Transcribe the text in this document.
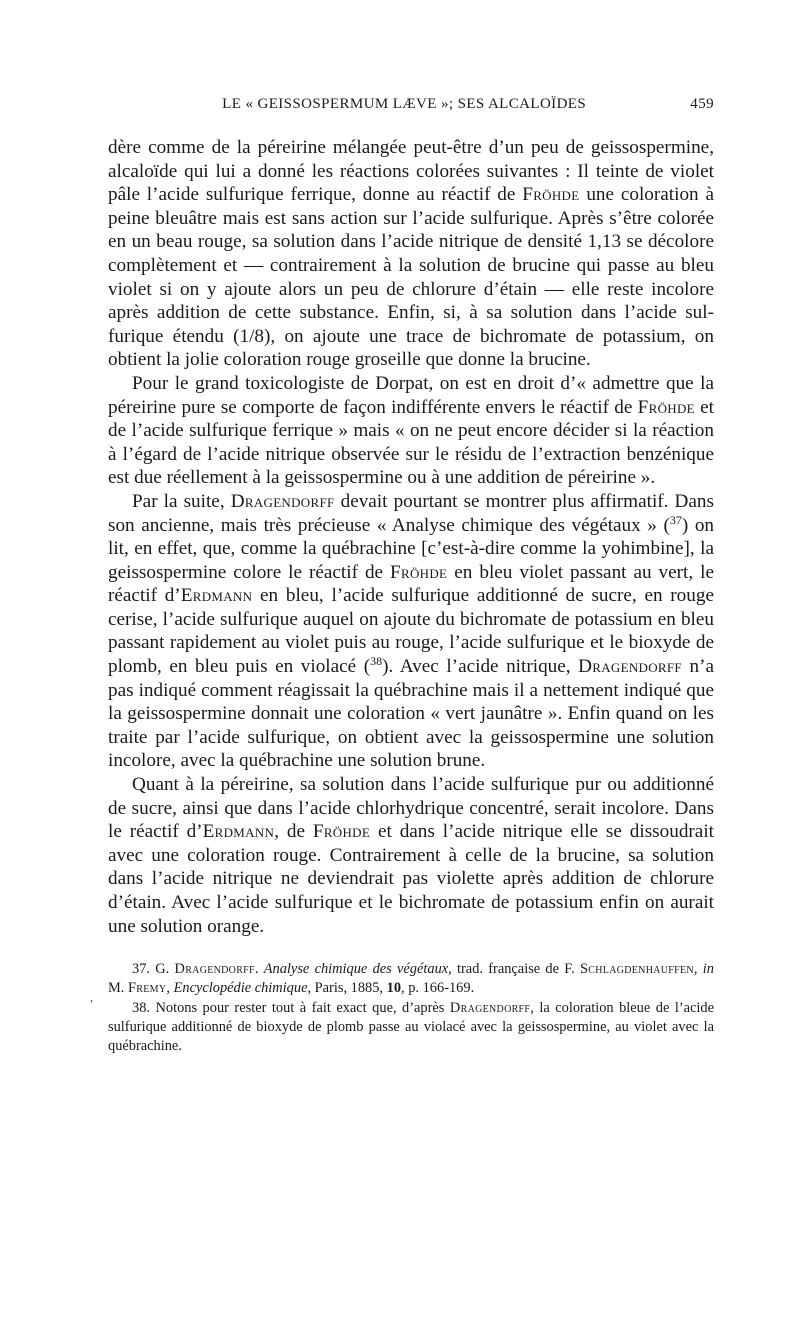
LE « GEISSOSPERMUM LÆVE »; SES ALCALOÏDES	459

dère comme de la péreirine mélangée peut-être d’un peu de geissospermine, alcaloïde qui lui a donné les réactions colorées suivantes : Il teinte de violet pâle l’acide sulfurique ferrique, donne au réactif de Fröhde une coloration à peine bleuâtre mais est sans action sur l’acide sulfurique. Après s’être colorée en un beau rouge, sa solution dans l’acide nitrique de densité 1,13 se décolore complètement et — contrairement à la solution de brucine qui passe au bleu violet si on y ajoute alors un peu de chlorure d’étain — elle reste incolore après addition de cette substance. Enfin, si, à sa solution dans l’acide sulfurique étendu (1/8), on ajoute une trace de bichromate de potassium, on obtient la jolie coloration rouge groseille que donne la brucine.

Pour le grand toxicologiste de Dorpat, on est en droit d’« admettre que la péreirine pure se comporte de façon indifférente envers le réactif de Fröhde et de l’acide sulfurique ferrique » mais « on ne peut encore décider si la réaction à l’égard de l’acide nitrique observée sur le résidu de l’extraction benzénique est due réellement à la geissospermine ou à une addition de péreirine ».

Par la suite, Dragendorff devait pourtant se montrer plus affirmatif. Dans son ancienne, mais très précieuse « Analyse chimique des végétaux » ($^{37}$) on lit, en effet, que, comme la québrachine [c’est-à-dire comme la yohimbine], la geissospermine colore le réactif de Fröhde en bleu violet passant au vert, le réactif d’Erdmann en bleu, l’acide sulfurique additionné de sucre, en rouge cerise, l’acide sulfurique auquel on ajoute du bichromate de potassium en bleu passant rapidement au violet puis au rouge, l’acide sulfurique et le bioxyde de plomb, en bleu puis en violacé ($^{38}$). Avec l’acide nitrique, Dragendorff n’a pas indiqué comment réagissait la québrachine mais il a nettement indiqué que la geissospermine donnait une coloration « vert jaunâtre ». Enfin quand on les traite par l’acide sulfurique, on obtient avec la geissospermine une solution incolore, avec la québrachine une solution brune.

Quant à la péreirine, sa solution dans l’acide sulfurique pur ou additionné de sucre, ainsi que dans l’acide chlorhydrique concentré, serait incolore. Dans le réactif d’Erdmann, de Fröhde et dans l’acide nitrique elle se dissoudrait avec une coloration rouge. Contrairement à celle de la brucine, sa solution dans l’acide nitrique ne deviendrait pas violette après addition de chlorure d’étain. Avec l’acide sulfurique et le bichromate de potassium enfin on aurait une solution orange.

37. G. Dragendorff. Analyse chimique des végétaux, trad. française de F. Schlagdenhauffen, in M. Fremy, Encyclopédie chimique, Paris, 1885, 10, p. 166-169.

38. Notons pour rester tout à fait exact que, d’après Dragendorff, la coloration bleue de l’acide sulfurique additionné de bioxyde de plomb passe au violacé avec la geissospermine, au violet avec la québrachine.

,
